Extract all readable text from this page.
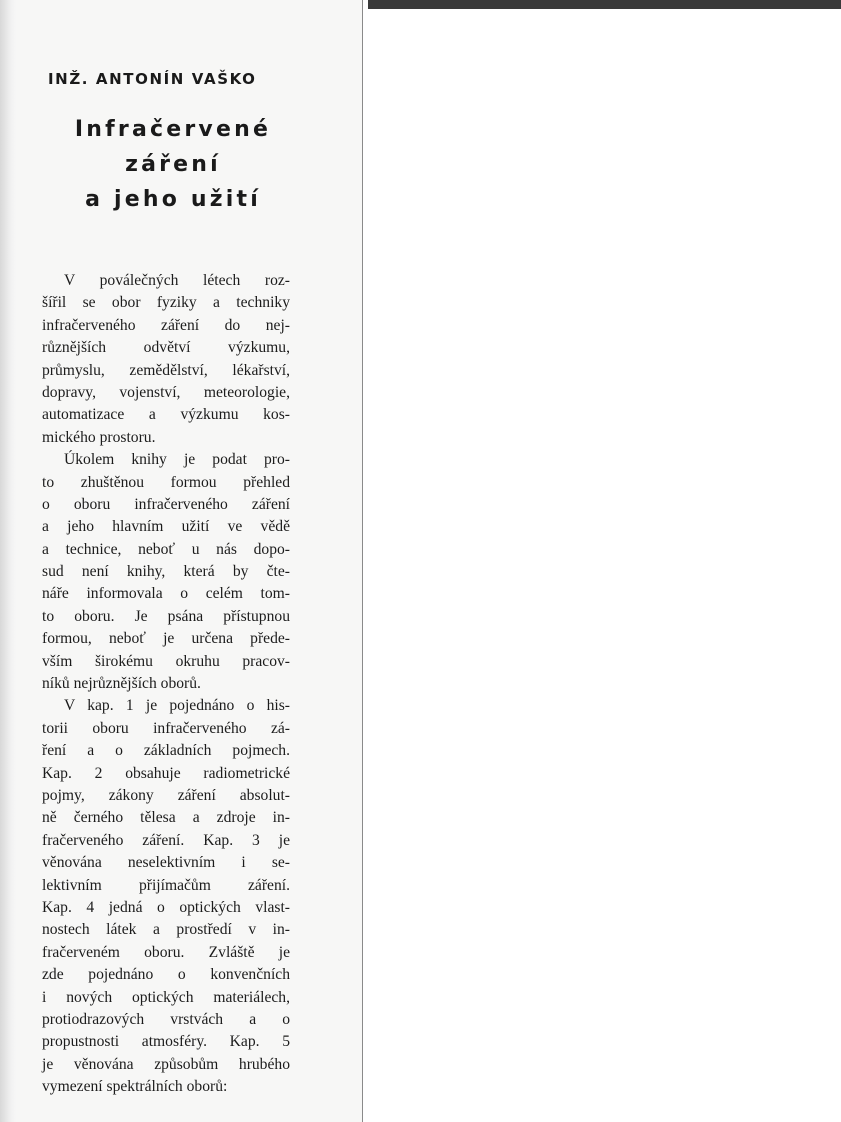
INŽ. ANTONÍN VAŠKO
Infračervené
záření
a jeho užití
V poválečných létech roz-
šířil se obor fyziky a techniky
infračerveného záření do nej-
různějších odvětví výzkumu,
průmyslu, zemědělství, lékařství,
dopravy, vojenství, meteorologie,
automatizace a výzkumu kos-
mického prostoru.
Úkolem knihy je podat pro-
to zhuštěnou formou přehled
o oboru infračerveného záření
a jeho hlavním užití ve vědě
a technice, neboť u nás dopo-
sud není knihy, která by čte-
náře informovala o celém tom-
to oboru. Je psána přístupnou
formou, neboť je určena přede-
vším širokému okruhu pracov-
níků nejrůznějších oborů.
V kap. 1 je pojednáno o his-
torii oboru infračerveného zá-
ření a o základních pojmech.
Kap. 2 obsahuje radiometrické
pojmy, zákony záření absolut-
ně černého tělesa a zdroje in-
fračerveného záření. Kap. 3 je
věnována neselektivním i se-
lektivním přijímačům záření.
Kap. 4 jedná o optických vlast-
nostech látek a prostředí v in-
fračerveném oboru. Zvláště je
zde pojednáno o konvenčních
i nových optických materiálech,
protiodrazových vrstvách a o
propustnosti atmosféry. Kap. 5
je věnována způsobům hrubého
vymezení spektrálních oborů:
